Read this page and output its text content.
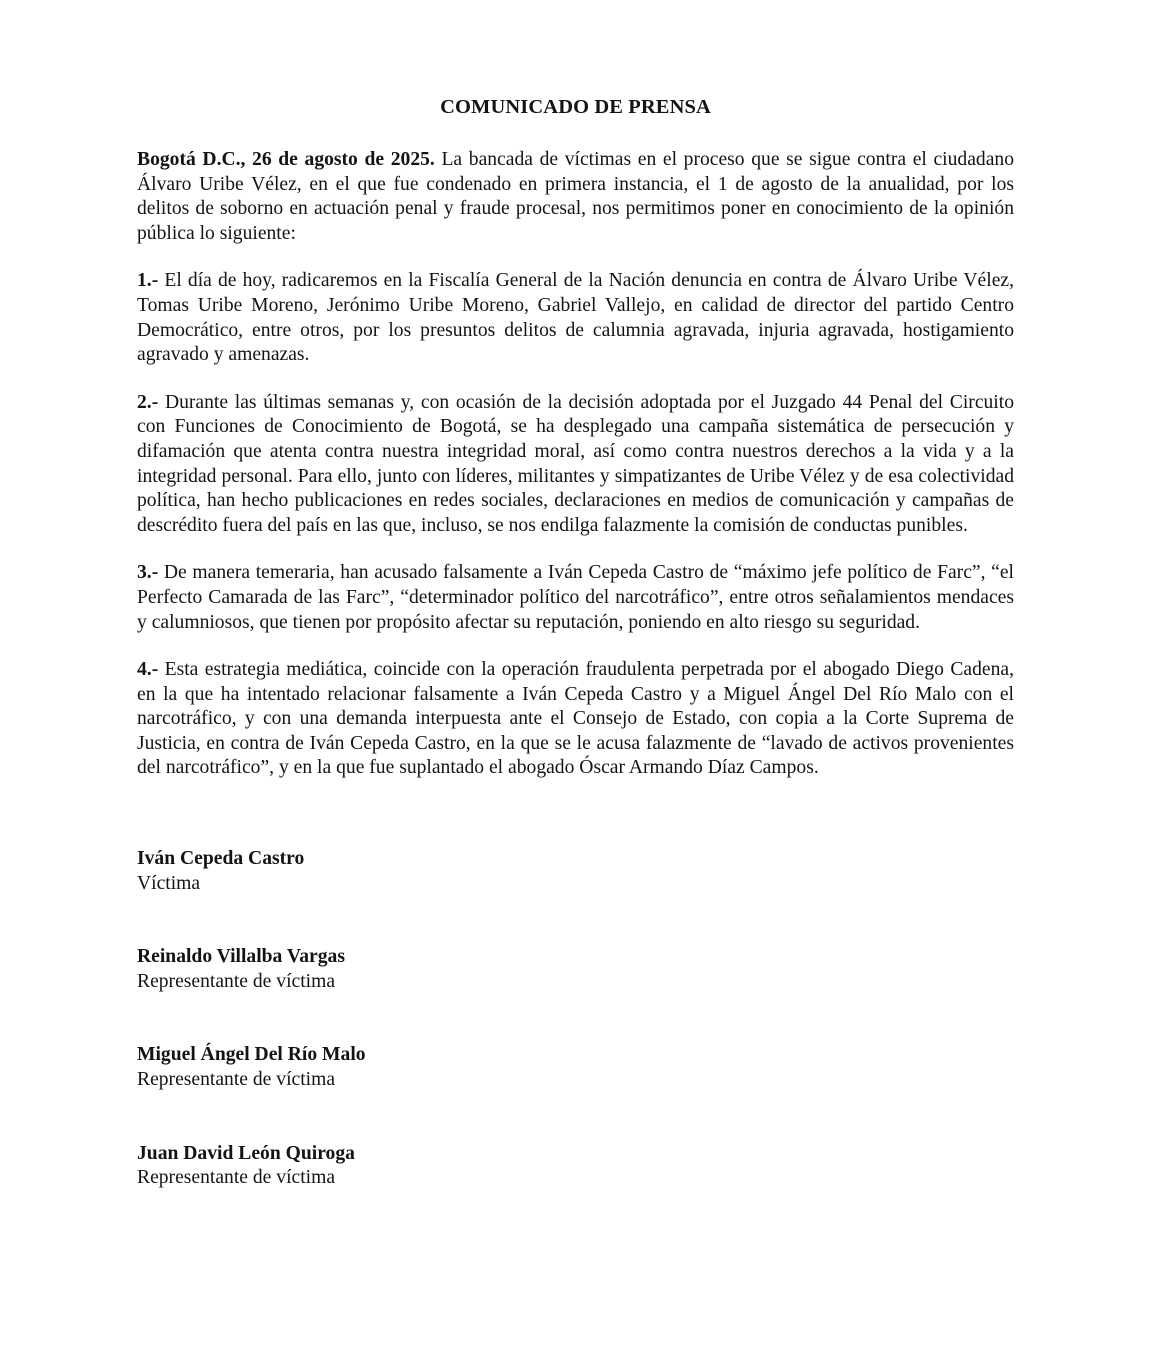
COMUNICADO DE PRENSA

Bogotá D.C., 26 de agosto de 2025. La bancada de víctimas en el proceso que se sigue contra el ciudadano Álvaro Uribe Vélez, en el que fue condenado en primera instancia, el 1 de agosto de la anualidad, por los delitos de soborno en actuación penal y fraude procesal, nos permitimos poner en conocimiento de la opinión pública lo siguiente:

1.- El día de hoy, radicaremos en la Fiscalía General de la Nación denuncia en contra de Álvaro Uribe Vélez, Tomas Uribe Moreno, Jerónimo Uribe Moreno, Gabriel Vallejo, en calidad de director del partido Centro Democrático, entre otros, por los presuntos delitos de calumnia agravada, injuria agravada, hostigamiento agravado y amenazas.

2.- Durante las últimas semanas y, con ocasión de la decisión adoptada por el Juzgado 44 Penal del Circuito con Funciones de Conocimiento de Bogotá, se ha desplegado una campaña sistemática de persecución y difamación que atenta contra nuestra integridad moral, así como contra nuestros derechos a la vida y a la integridad personal. Para ello, junto con líderes, militantes y simpatizantes de Uribe Vélez y de esa colectividad política, han hecho publicaciones en redes sociales, declaraciones en medios de comunicación y campañas de descrédito fuera del país en las que, incluso, se nos endilga falazmente la comisión de conductas punibles.

3.- De manera temeraria, han acusado falsamente a Iván Cepeda Castro de “máximo jefe político de Farc”, “el Perfecto Camarada de las Farc”, “determinador político del narcotráfico”, entre otros señalamientos mendaces y calumniosos, que tienen por propósito afectar su reputación, poniendo en alto riesgo su seguridad.

4.- Esta estrategia mediática, coincide con la operación fraudulenta perpetrada por el abogado Diego Cadena, en la que ha intentado relacionar falsamente a Iván Cepeda Castro y a Miguel Ángel Del Río Malo con el narcotráfico, y con una demanda interpuesta ante el Consejo de Estado, con copia a la Corte Suprema de Justicia, en contra de Iván Cepeda Castro, en la que se le acusa falazmente de “lavado de activos provenientes del narcotráfico”, y en la que fue suplantado el abogado Óscar Armando Díaz Campos.

Iván Cepeda Castro
Víctima
Reinaldo Villalba Vargas
Representante de víctima
Miguel Ángel Del Río Malo
Representante de víctima
Juan David León Quiroga
Representante de víctima
